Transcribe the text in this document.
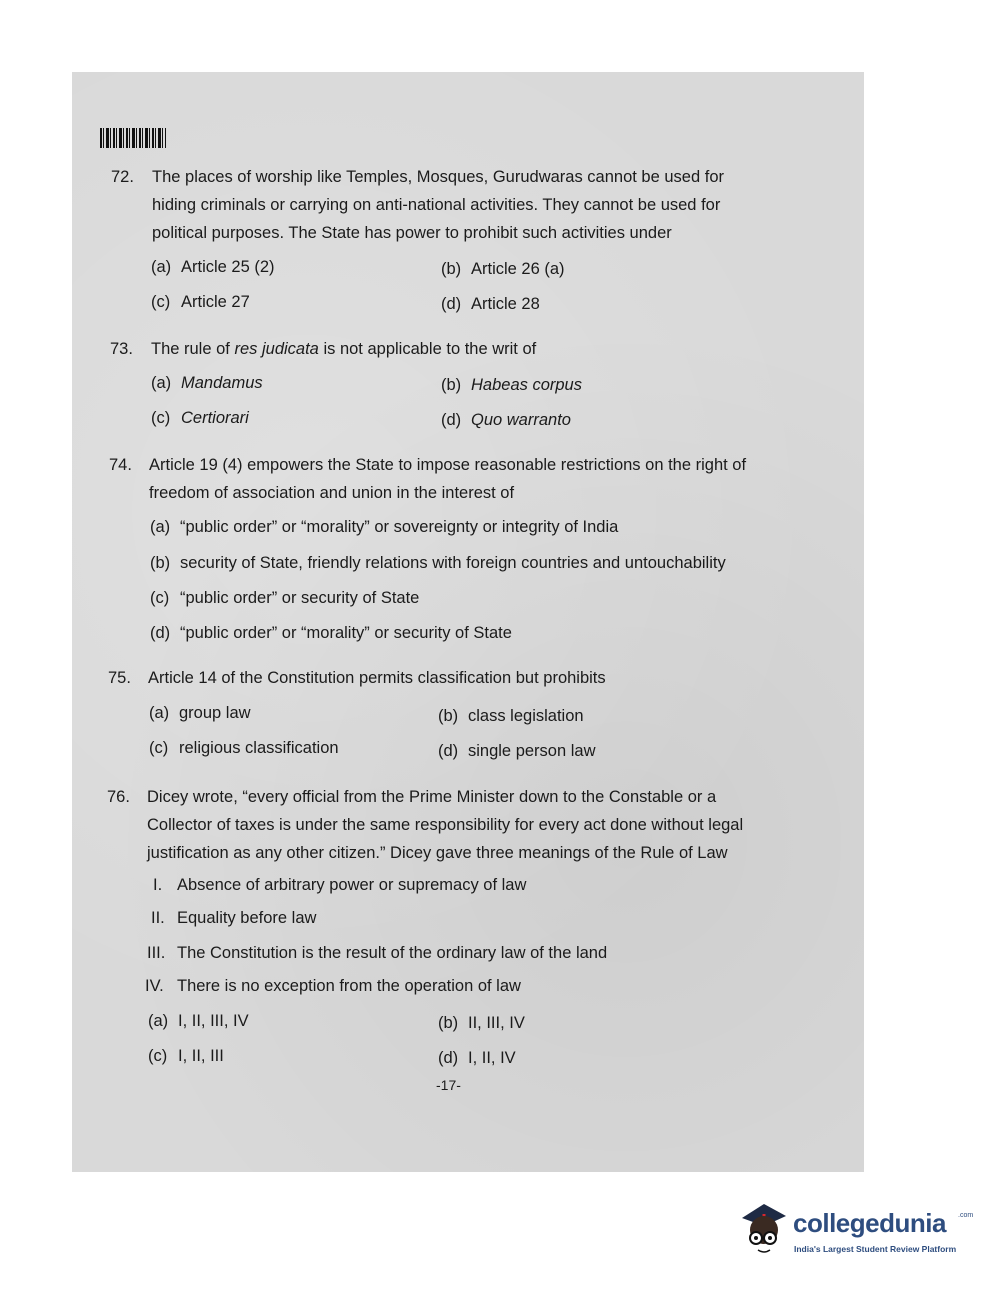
72. The places of worship like Temples, Mosques, Gurudwaras cannot be used for
hiding criminals or carrying on anti-national activities. They cannot be used for
political purposes. The State has power to prohibit such activities under
(a) Article 25 (2)	(b) Article 26 (a)
(c) Article 27	(d) Article 28
73. The rule of res judicata is not applicable to the writ of
(a) Mandamus	(b) Habeas corpus
(c) Certiorari	(d) Quo warranto
74. Article 19 (4) empowers the State to impose reasonable restrictions on the right of
freedom of association and union in the interest of
(a) “public order” or “morality” or sovereignty or integrity of India
(b) security of State, friendly relations with foreign countries and untouchability
(c) “public order” or security of State
(d) “public order” or “morality” or security of State
75. Article 14 of the Constitution permits classification but prohibits
(a) group law	(b) class legislation
(c) religious classification	(d) single person law
76. Dicey wrote, “every official from the Prime Minister down to the Constable or a
Collector of taxes is under the same responsibility for every act done without legal
justification as any other citizen.” Dicey gave three meanings of the Rule of Law
I. Absence of arbitrary power or supremacy of law
II. Equality before law
III. The Constitution is the result of the ordinary law of the land
IV. There is no exception from the operation of law
(a) I, II, III, IV	(b) II, III, IV
(c) I, II, III	(d) I, II, IV
-17-
collegedunia .com
India's Largest Student Review Platform
